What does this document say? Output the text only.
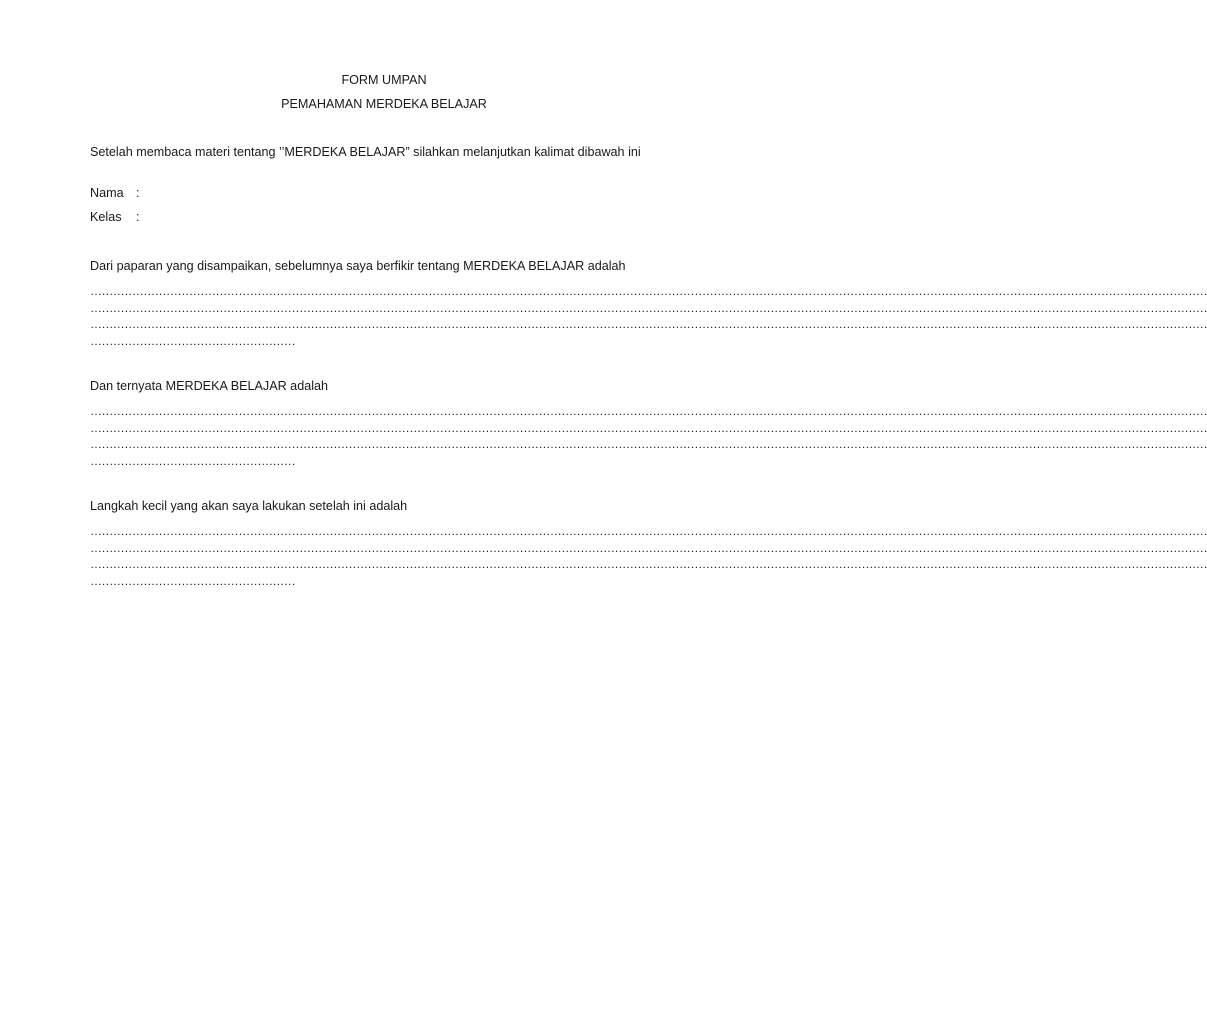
FORM UMPAN
PEMAHAMAN MERDEKA BELAJAR
Setelah membaca materi tentang ’’MERDEKA BELAJAR” silahkan melanjutkan kalimat dibawah ini
Nama :
Kelas :
Dari paparan yang disampaikan, sebelumnya saya berfikir tentang MERDEKA BELAJAR adalah
……………………………………………………………………………………………………………………………………………………………………………………………………………………………………………………………………
……………………………………………………………………………………………………………………………………………………………………………………………………………………………………………………………………
……………………………………………………………………………………………………………………………………………………………………………………………………………………………………………………………………
………………………………………………
Dan ternyata MERDEKA BELAJAR adalah
……………………………………………………………………………………………………………………………………………………………………………………………………………………………………………………………………
……………………………………………………………………………………………………………………………………………………………………………………………………………………………………………………………………
……………………………………………………………………………………………………………………………………………………………………………………………………………………………………………………………………
………………………………………………
Langkah kecil yang akan saya lakukan setelah ini adalah
……………………………………………………………………………………………………………………………………………………………………………………………………………………………………………………………………
……………………………………………………………………………………………………………………………………………………………………………………………………………………………………………………………………
……………………………………………………………………………………………………………………………………………………………………………………………………………………………………………………………………
………………………………………………
